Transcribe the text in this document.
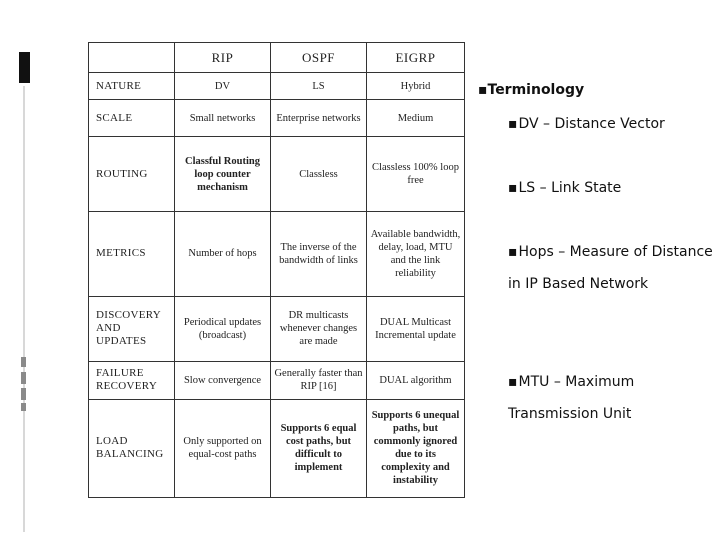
	RIP	OSPF	EIGRP
NATURE	DV	LS	Hybrid
SCALE	Small networks	Enterprise networks	Medium
ROUTING	Classful Routing loop counter mechanism	Classless	Classless 100% loop free
METRICS	Number of hops	The inverse of the bandwidth of links	Available bandwidth, delay, load, MTU and the link reliability
DISCOVERY AND UPDATES	Periodical updates (broadcast)	DR multicasts whenever changes are made	DUAL Multicast Incremental update
FAILURE RECOVERY	Slow convergence	Generally faster than RIP [16]	DUAL algorithm
LOAD BALANCING	Only supported on equal-cost paths	Supports 6 equal cost paths, but difficult to implement	Supports 6 unequal paths, but commonly ignored due to its complexity and instability
▪Terminology
▪DV – Distance Vector
▪LS – Link State
▪Hops – Measure of Distance in IP Based Network
▪MTU – Maximum Transmission Unit
